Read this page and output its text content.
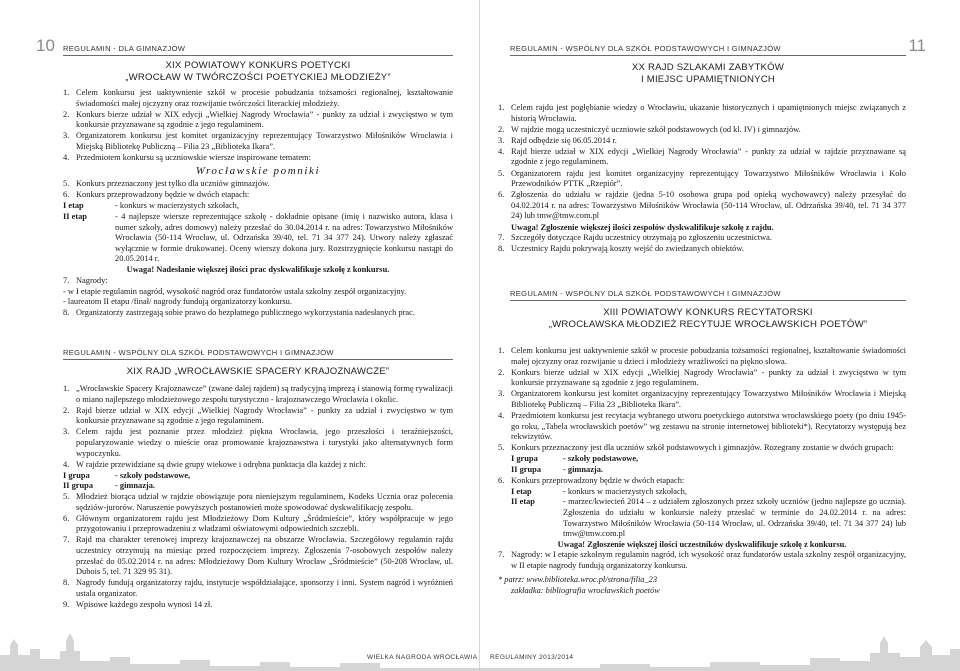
10 REGULAMIN - DLA GIMNAZJÓW
XIX POWIATOWY KONKURS POETYCKI
„WROCŁAW W TWÓRCZOŚCI POETYCKIEJ MŁODZIEŻY”
1. Celem konkursu jest uaktywnienie szkół w procesie pobudzania tożsamości regionalnej, kształtowanie świadomości małej ojczyzny oraz rozwijanie twórczości literackiej młodzieży.
2. Konkurs bierze udział w XIX edycji „Wielkiej Nagrody Wrocławia” - punkty za udział i zwycięstwo w tym konkursie przyznawane są zgodnie z jego regulaminem.
3. Organizatorem konkursu jest komitet organizacyjny reprezentujący Towarzystwo Miłośników Wrocławia i Miejską Bibliotekę Publiczną – Filia 23 „Biblioteka Ikara”.
4. Przedmiotem konkursu są uczniowskie wiersze inspirowane tematem:
Wrocławskie pomniki
5. Konkurs przeznaczony jest tylko dla uczniów gimnazjów.
6. Konkurs przeprowadzony będzie w dwóch etapach:
I etap	- konkurs w macierzystych szkołach,
II etap	- 4 najlepsze wiersze reprezentujące szkołę - dokładnie opisane (imię i nazwisko autora, klasa i numer szkoły, adres domowy) należy przesłać do 30.04.2014 r. na adres: Towarzystwo Miłośników Wrocławia (50-114 Wrocław, ul. Odrzańska 39/40, tel. 71 34 377 24). Utwory należy zgłaszać wyłącznie w formie drukowanej. Oceny wierszy dokona jury. Rozstrzygnięcie konkursu nastąpi do 20.05.2014 r.
Uwaga! Nadesłanie większej ilości prac dyskwalifikuje szkołę z konkursu.
7. Nagrody:
- w I etapie regulamin nagród, wysokość nagród oraz fundatorów ustala szkolny zespół organizacyjny.
- laureatom II etapu /finał/ nagrody fundują organizatorzy konkursu.
8. Organizatorzy zastrzegają sobie prawo do bezpłatnego publicznego wykorzystania nadesłanych prac.
REGULAMIN - WSPÓLNY DLA SZKÓŁ PODSTAWOWYCH I GIMNAZJÓW
XIX RAJD „WROCŁAWSKIE SPACERY KRAJOZNAWCZE”
1. „Wrocławskie Spacery Krajoznawcze” (zwane dalej rajdem) są tradycyjną imprezą i stanowią formę rywalizacji o miano najlepszego młodzieżowego zespołu turystyczno - krajoznawczego Wrocławia i okolic.
2. Rajd bierze udział w XIX edycji „Wielkiej Nagrody Wrocławia” - punkty za udział i zwycięstwo w tym konkursie przyznawane są zgodnie z jego regulaminem.
3. Celem rajdu jest poznanie przez młodzież piękna Wrocławia, jego przeszłości i teraźniejszości, popularyzowanie wiedzy o mieście oraz promowanie krajoznawstwa i turystyki jako alternatywnych form wypoczynku.
4. W rajdzie przewidziane są dwie grupy wiekowe i odrębna punktacja dla każdej z nich:
I grupa	- szkoły podstawowe,
II grupa	- gimnazja.
5. Młodzież biorąca udział w rajdzie obowiązuje pora nieniejszym regulaminem, Kodeks Ucznia oraz polecenia sędziów-jurorów. Naruszenie powyższych postanowień może spowodować dyskwalifikację zespołu.
6. Głównym organizatorem rajdu jest Młodzieżowy Dom Kultury „Śródmieście”, który współpracuje w jego przygotowaniu i przeprowadzeniu z władzami oświatowymi odpowiednich szczebli.
7. Rajd ma charakter terenowej imprezy krajoznawczej na obszarze Wrocławia. Szczegółowy regulamin rajdu uczestnicy otrzymują na miesiąc przed rozpoczęciem imprezy. Zgłoszenia 7-osobowych zespołów należy przesłać do 05.02.2014 r. na adres: Młodzieżowy Dom Kultury Wrocław „Śródmieście” (50-208 Wrocław, ul. Dubois 5, tel. 71 329 95 31).
8. Nagrody fundują organizatorzy rajdu, instytucje współdziałające, sponsorzy i inni. System nagród i wyróżnień ustala organizator.
9. Wpisowe każdego zespołu wynosi 14 zł.
WIELKA NAGRODA WROCŁAWIA
11
REGULAMIN - WSPÓLNY DLA SZKÓŁ PODSTAWOWYCH I GIMNAZJÓW
XX RAJD SZLAKAMI ZABYTKÓW
I MIEJSC UPAMIĘTNIONYCH
1. Celem rajdu jest pogłębianie wiedzy o Wrocławiu, ukazanie historycznych i upamiętnionych miejsc związanych z historią Wrocławia.
2. W rajdzie mogą uczestniczyć uczniowie szkół podstawowych (od kl. IV) i gimnazjów.
3. Rajd odbędzie się 06.05.2014 r.
4. Rajd bierze udział w XIX edycji „Wielkiej Nagrody Wrocławia” - punkty za udział w rajdzie przyznawane są zgodnie z jego regulaminem.
5. Organizatorem rajdu jest komitet organizacyjny reprezentujący Towarzystwo Miłośników Wrocławia i Koło Przewodników PTTK „Rzepiór”.
6. Zgłoszenia do udziału w rajdzie (jedna 5-10 osobowa grupa pod opieką wychowawcy) należy przesyłać do 04.02.2014 r. na adres: Towarzystwo Miłośników Wrocławia (50-114 Wrocław, ul. Odrzańska 39/40, tel. 71 34 377 24) lub tmw@tmw.com.pl
Uwaga! Zgłoszenie większej ilości zespołów dyskwalifikuje szkołę z rajdu.
7. Szczegóły dotyczące Rajdu uczestnicy otrzymają po zgłoszeniu uczestnictwa.
8. Uczestnicy Rajdu pokrywają koszty wejść do zwiedzanych obiektów.
REGULAMIN - WSPÓLNY DLA SZKÓŁ PODSTAWOWYCH I GIMNAZJÓW
XIII POWIATOWY KONKURS RECYTATORSKI
„WROCŁAWSKA MŁODZIEŻ RECYTUJE WROCŁAWSKICH POETÓW”
1. Celem konkursu jest uaktywnienie szkół w procesie pobudzania tożsamości regionalnej, kształtowanie świadomości małej ojczyzny oraz rozwijanie u dzieci i młodzieży wrażliwości na piękno słowa.
2. Konkurs bierze udział w XIX edycji „Wielkiej Nagrody Wrocławia” - punkty za udział i zwycięstwo w tym konkursie przyznawane są zgodnie z jego regulaminem.
3. Organizatorem konkursu jest komitet organizacyjny reprezentujący Towarzystwo Miłośników Wrocławia i Miejską Bibliotekę Publiczną – Filia 23 „Biblioteka Ikara”.
4. Przedmiotem konkursu jest recytacja wybranego utworu poetyckiego autorstwa wrocławskiego poety (po dniu 1945-go roku, „Tabela wrocławskich poetów” wg zestawu na stronie internetowej biblioteki*). Recytatorzy występują bez rekwizytów.
5. Konkurs przeznaczony jest dla uczniów szkół podstawowych i gimnazjów. Rozegrany zostanie w dwóch grupach:
I grupa	- szkoły podstawowe,
II grupa	- gimnazja.
6. Konkurs przeprowadzony będzie w dwóch etapach:
I etap	- konkurs w macierzystych szkołach,
II etap	- marzec/kwiecień 2014 – z udziałem zgłoszonych przez szkoły uczniów (jedno najlepsze go ucznia). Zgłoszenia do udziału w konkursie należy przesłać w terminie do 24.02.2014 r. na adres: Towarzystwo Miłośników Wrocławia (50-114 Wrocław, ul. Odrzańska 39/40, tel. 71 34 377 24) lub tmw@tmw.com.pl
Uwaga! Zgłoszenie większej ilości uczestników dyskwalifikuje szkołę z konkursu.
7. Nagrody: w I etapie szkolnym regulamin nagród, ich wysokość oraz fundatorów ustala szkolny zespół organizacyjny, w II etapie nagrody fundują organizatorzy konkursu.
* patrz: www.biblioteka.wroc.pl/strona/filia_23
zakładka: bibliografia wrocławskich poetów
REGULAMINY 2013/2014
